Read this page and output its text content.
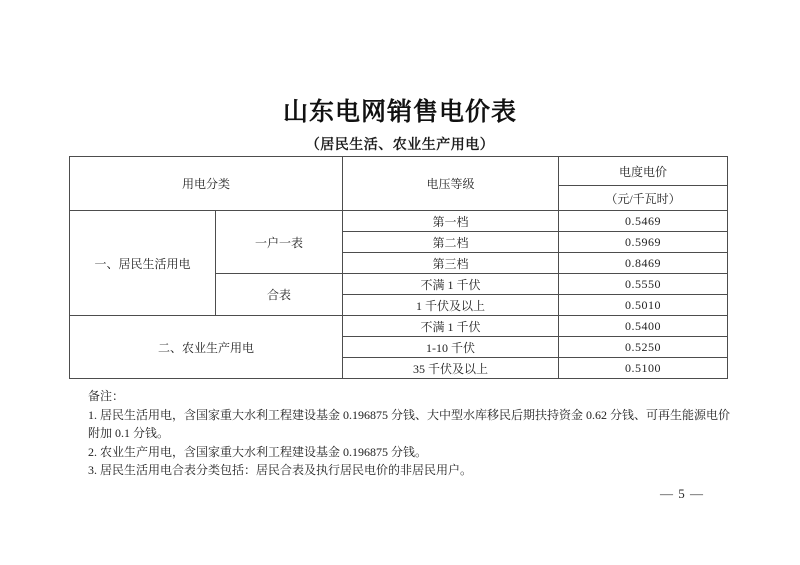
山东电网销售电价表
（居民生活、农业生产用电）
用电分类		电压等级	电度电价
			（元/千瓦时）
一、居民生活用电	一户一表	第一档	0.5469
		第二档	0.5969
		第三档	0.8469
	合表	不满 1 千伏	0.5550
		1 千伏及以上	0.5010
二、农业生产用电		不满 1 千伏	0.5400
		1-10 千伏	0.5250
		35 千伏及以上	0.5100

备注：

1. 居民生活用电，含国家重大水利工程建设基金 0.196875 分钱、大中型水库移民后期扶持资金 0.62 分钱、可再生能源电价附加 0.1 分钱。

2. 农业生产用电，含国家重大水利工程建设基金 0.196875 分钱。

3. 居民生活用电合表分类包括：居民合表及执行居民电价的非居民用户。

— 5 —
